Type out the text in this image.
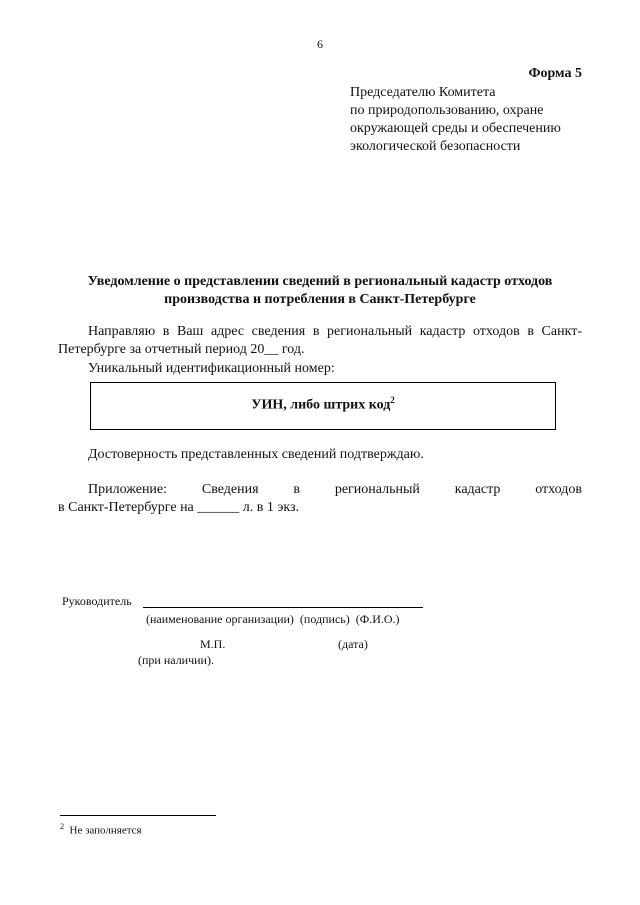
6
Форма 5
Председателю Комитета
по природопользованию, охране
окружающей среды и обеспечению
экологической безопасности
Уведомление о представлении сведений в региональный кадастр отходов
производства и потребления в Санкт-Петербурге
Направляю в Ваш адрес сведения в региональный кадастр отходов в Санкт-Петербурге за отчетный период 20__ год.
Уникальный идентификационный номер:
УИН, либо штрих код$^2$
Достоверность представленных сведений подтверждаю.
Приложение: Сведения в региональный кадастр отходов
в Санкт-Петербурге на ______ л. в 1 экз.
Руководитель
(наименование организации)  (подпись)  (Ф.И.О.)
М.П.	(дата)
(при наличии).
$^2$ Не заполняется
